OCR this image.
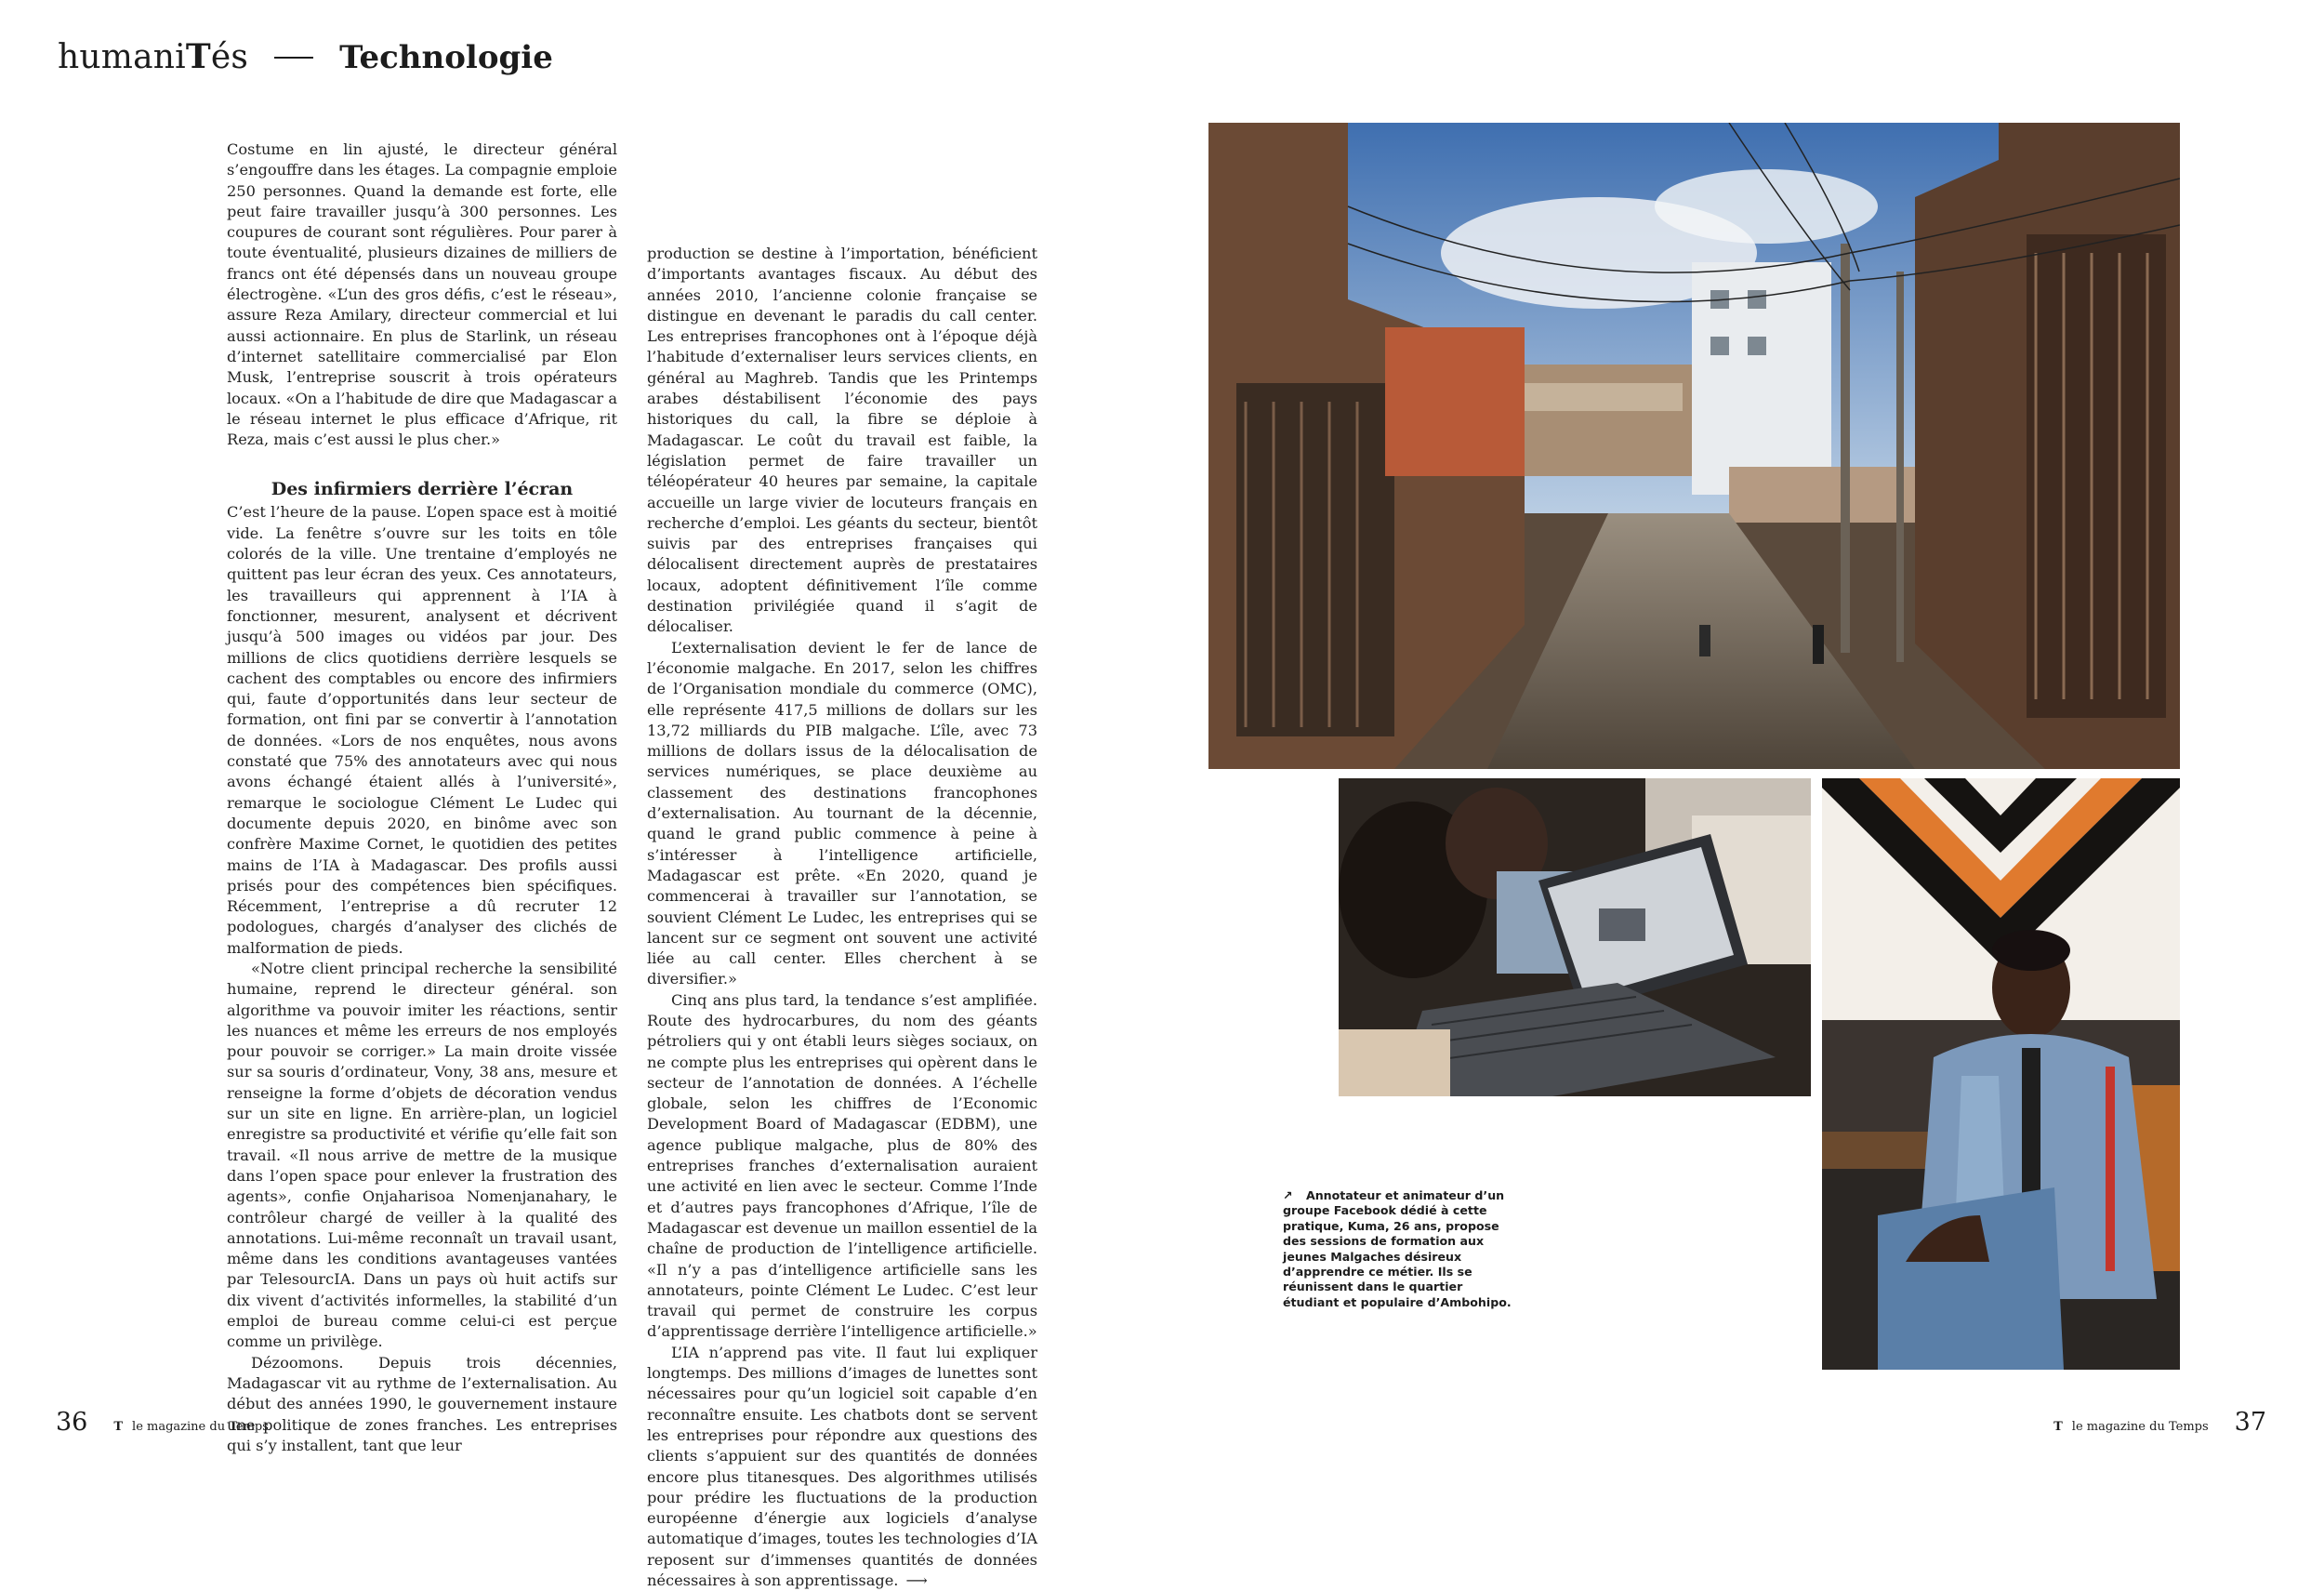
humaniTés	Technologie

Costume en lin ajusté, le directeur général s’engouffre dans les étages. La compagnie emploie 250 personnes. Quand la demande est forte, elle peut faire travailler jusqu’à 300 personnes. Les coupures de courant sont régulières. Pour parer à toute éventualité, plusieurs dizaines de milliers de francs ont été dépensés dans un nouveau groupe électrogène. «L’un des gros défis, c’est le réseau», assure Reza Amilary, directeur commercial et lui aussi actionnaire. En plus de Starlink, un réseau d’internet satellitaire commercialisé par Elon Musk, l’entreprise souscrit à trois opérateurs locaux. «On a l’habitude de dire que Madagascar a le réseau internet le plus efficace d’Afrique, rit Reza, mais c’est aussi le plus cher.»

Des infirmiers derrière l’écran

C’est l’heure de la pause. L’open space est à moitié vide. La fenêtre s’ouvre sur les toits en tôle colorés de la ville. Une trentaine d’employés ne quittent pas leur écran des yeux. Ces annotateurs, les travailleurs qui apprennent à l’IA à fonctionner, mesurent, analysent et décrivent jusqu’à 500 images ou vidéos par jour. Des millions de clics quotidiens derrière lesquels se cachent des comptables ou encore des infirmiers qui, faute d’opportunités dans leur secteur de formation, ont fini par se convertir à l’annotation de données. «Lors de nos enquêtes, nous avons constaté que 75% des annotateurs avec qui nous avons échangé étaient allés à l’université», remarque le sociologue Clément Le Ludec qui documente depuis 2020, en binôme avec son confrère Maxime Cornet, le quotidien des petites mains de l’IA à Madagascar. Des profils aussi prisés pour des compétences bien spécifiques. Récemment, l’entreprise a dû recruter 12 podologues, chargés d’analyser des clichés de malformation de pieds.

«Notre client principal recherche la sensibilité humaine, reprend le directeur général. son algorithme va pouvoir imiter les réactions, sentir les nuances et même les erreurs de nos employés pour pouvoir se corriger.» La main droite vissée sur sa souris d’ordinateur, Vony, 38 ans, mesure et renseigne la forme d’objets de décoration vendus sur un site en ligne. En arrière-plan, un logiciel enregistre sa productivité et vérifie qu’elle fait son travail. «Il nous arrive de mettre de la musique dans l’open space pour enlever la frustration des agents», confie Onjaharisoa Nomenjanahary, le contrôleur chargé de veiller à la qualité des annotations. Lui-même reconnaît un travail usant, même dans les conditions avantageuses vantées par TelesourcIA. Dans un pays où huit actifs sur dix vivent d’activités informelles, la stabilité d’un emploi de bureau comme celui-ci est perçue comme un privilège.

Dézoomons. Depuis trois décennies, Madagascar vit au rythme de l’externalisation. Au début des années 1990, le gouvernement instaure une politique de zones franches. Les entreprises qui s’y installent, tant que leur

production se destine à l’importation, bénéficient d’importants avantages fiscaux. Au début des années 2010, l’ancienne colonie française se distingue en devenant le paradis du call center. Les entreprises francophones ont à l’époque déjà l’habitude d’externaliser leurs services clients, en général au Maghreb. Tandis que les Printemps arabes déstabilisent l’économie des pays historiques du call, la fibre se déploie à Madagascar. Le coût du travail est faible, la législation permet de faire travailler un téléopérateur 40 heures par semaine, la capitale accueille un large vivier de locuteurs français en recherche d’emploi. Les géants du secteur, bientôt suivis par des entreprises françaises qui délocalisent directement auprès de prestataires locaux, adoptent définitivement l’île comme destination privilégiée quand il s’agit de délocaliser.

L’externalisation devient le fer de lance de l’économie malgache. En 2017, selon les chiffres de l’Organisation mondiale du commerce (OMC), elle représente 417,5 millions de dollars sur les 13,72 milliards du PIB malgache. L’île, avec 73 millions de dollars issus de la délocalisation de services numériques, se place deuxième au classement des destinations francophones d’externalisation. Au tournant de la décennie, quand le grand public commence à peine à s’intéresser à l’intelligence artificielle, Madagascar est prête. «En 2020, quand je commencerai à travailler sur l’annotation, se souvient Clément Le Ludec, les entreprises qui se lancent sur ce segment ont souvent une activité liée au call center. Elles cherchent à se diversifier.»

Cinq ans plus tard, la tendance s’est amplifiée. Route des hydrocarbures, du nom des géants pétroliers qui y ont établi leurs sièges sociaux, on ne compte plus les entreprises qui opèrent dans le secteur de l’annotation de données. A l’échelle globale, selon les chiffres de l’Economic Development Board of Madagascar (EDBM), une agence publique malgache, plus de 80% des entreprises franches d’externalisation auraient une activité en lien avec le secteur. Comme l’Inde et d’autres pays francophones d’Afrique, l’île de Madagascar est devenue un maillon essentiel de la chaîne de production de l’intelligence artificielle. «Il n’y a pas d’intelligence artificielle sans les annotateurs, pointe Clément Le Ludec. C’est leur travail qui permet de construire les corpus d’apprentissage derrière l’intelligence artificielle.»

L’IA n’apprend pas vite. Il faut lui expliquer longtemps. Des millions d’images de lunettes sont nécessaires pour qu’un logiciel soit capable d’en reconnaître ensuite. Les chatbots dont se servent les entreprises pour répondre aux questions des clients s’appuient sur des quantités de données encore plus titanesques. Des algorithmes utilisés pour prédire les fluctuations de la production européenne d’énergie aux logiciels d’analyse automatique d’images, toutes les technologies d’IA reposent sur d’immenses quantités de données nécessaires à son apprentissage. ⟶

↗ Annotateur et animateur d’un groupe Facebook dédié à cette pratique, Kuma, 26 ans, propose des sessions de formation aux jeunes Malgaches désireux d’apprendre ce métier. Ils se réunissent dans le quartier étudiant et populaire d’Ambohipo.
36 T le magazine du Temps	T le magazine du Temps 37
